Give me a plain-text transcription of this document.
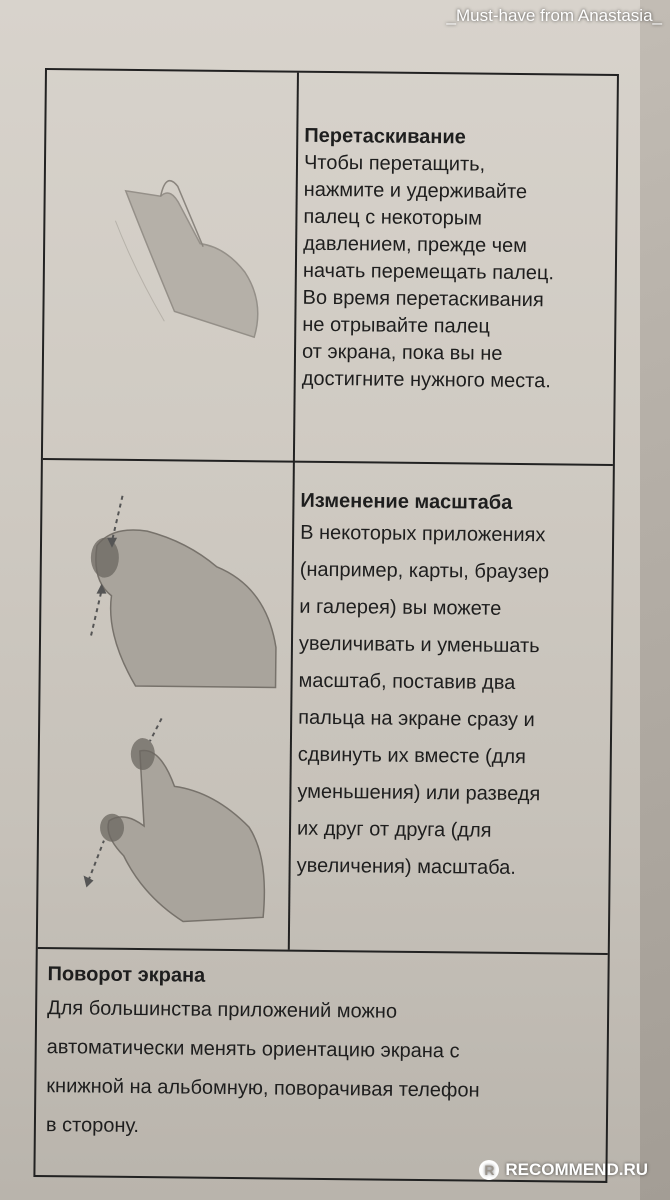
_Must-have from Anastasia_
Перетаскивание
Чтобы перетащить,
нажмите и удерживайте
палец с некоторым
давлением, прежде чем
начать перемещать палец.
Во время перетаскивания
не отрывайте палец
от экрана, пока вы не
достигните нужного места.
Изменение масштаба
В некоторых приложениях
(например, карты, браузер
и галерея) вы можете
увеличивать и уменьшать
масштаб, поставив два
пальца на экране сразу и
сдвинуть их вместе (для
уменьшения) или разведя
их друг от друга (для
увеличения) масштаба.
Поворот экрана
Для большинства приложений можно
автоматически менять ориентацию экрана с
книжной на альбомную, поворачивая телефон
в сторону.
R RECOMMEND.RU
